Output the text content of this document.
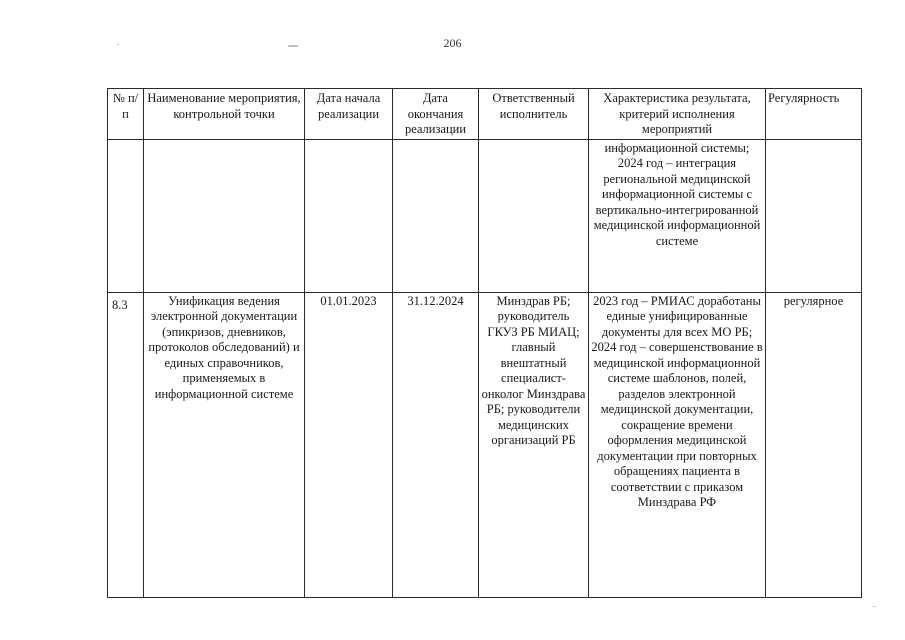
206
№ п/п	Наименование мероприятия, контрольной точки	Дата начала реализации	Дата окончания реализации	Ответственный исполнитель	Характеристика результата, критерий исполнения мероприятий	Регулярность
					информационной системы; 2024 год – интеграция региональной медицинской информационной системы с вертикально-интегрированной медицинской информационной системе	
8.3	Унификация ведения электронной документации (эпикризов, дневников, протоколов обследований) и единых справочников, применяемых в информационной системе	01.01.2023	31.12.2024	Минздрав РБ; руководитель ГКУЗ РБ МИАЦ; главный внештатный специалист-онколог Минздрава РБ; руководители медицинских организаций РБ	2023 год – РМИАС доработаны единые унифицированные документы для всех МО РБ; 2024 год – совершенствование в медицинской информационной системе шаблонов, полей, разделов электронной медицинской документации, сокращение времени оформления медицинской документации при повторных обращениях пациента в соответствии с приказом Минздрава РФ	регулярное
